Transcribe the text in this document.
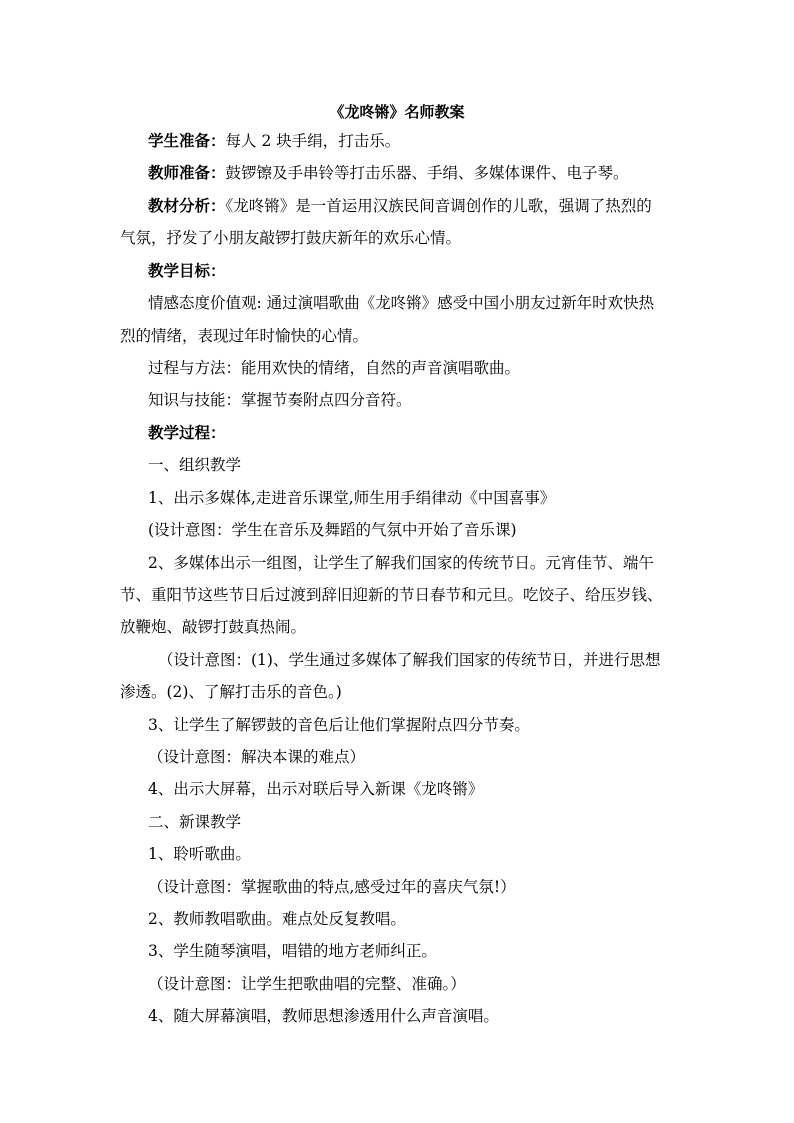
《龙咚锵》名师教案
学生准备：每人 2 块手绢，打击乐。
教师准备：鼓锣镲及手串铃等打击乐器、手绢、多媒体课件、电子琴。
教材分析：《龙咚锵》是一首运用汉族民间音调创作的儿歌，强调了热烈的
气氛，抒发了小朋友敲锣打鼓庆新年的欢乐心情。
教学目标：
情感态度价值观: 通过演唱歌曲《龙咚锵》感受中国小朋友过新年时欢快热
烈的情绪，表现过年时愉快的心情。
过程与方法：能用欢快的情绪，自然的声音演唱歌曲。
知识与技能：掌握节奏附点四分音符。
教学过程：
一、组织教学
1、出示多媒体,走进音乐课堂,师生用手绢律动《中国喜事》
(设计意图：学生在音乐及舞蹈的气氛中开始了音乐课)
2、多媒体出示一组图，让学生了解我们国家的传统节日。元宵佳节、端午
节、重阳节这些节日后过渡到辞旧迎新的节日春节和元旦。吃饺子、给压岁钱、
放鞭炮、敲锣打鼓真热闹。
（设计意图：(1)、学生通过多媒体了解我们国家的传统节日，并进行思想
渗透。(2)、了解打击乐的音色。)
3、让学生了解锣鼓的音色后让他们掌握附点四分节奏。
（设计意图：解决本课的难点）
4、出示大屏幕，出示对联后导入新课《龙咚锵》
二、新课教学
1、聆听歌曲。
（设计意图：掌握歌曲的特点,感受过年的喜庆气氛!）
2、教师教唱歌曲。难点处反复教唱。
3、学生随琴演唱，唱错的地方老师纠正。
（设计意图：让学生把歌曲唱的完整、准确。）
4、随大屏幕演唱，教师思想渗透用什么声音演唱。
